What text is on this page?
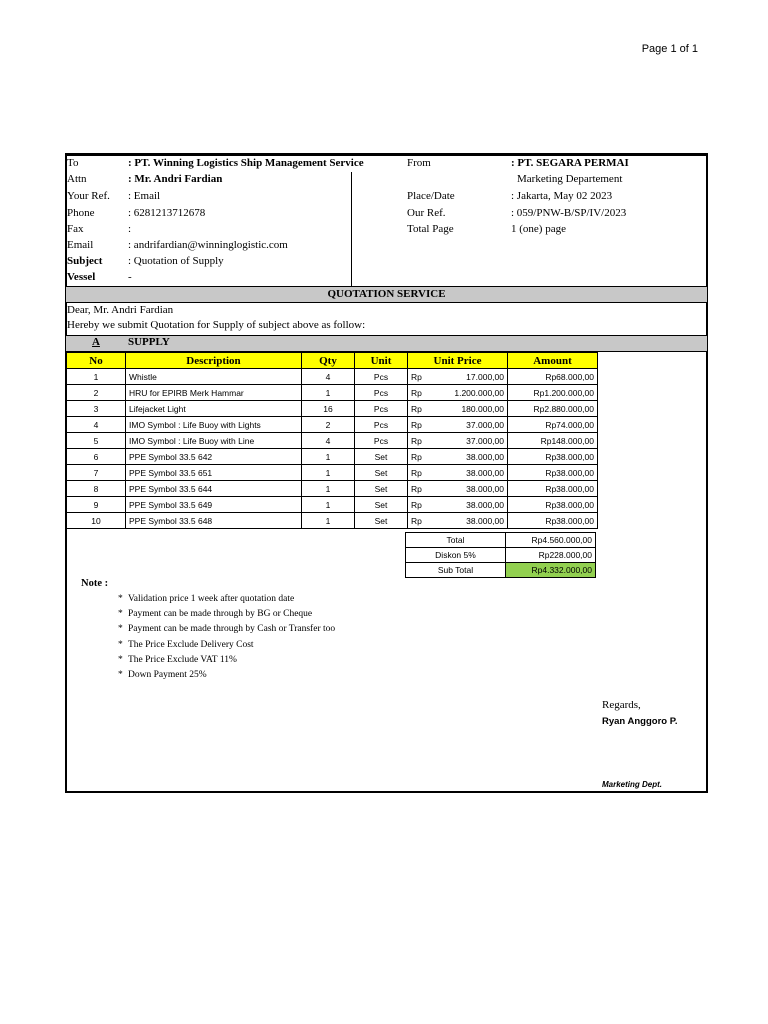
Page 1 of 1
To	: PT. Winning Logistics Ship Management Service
Attn	: Mr. Andri Fardian
Your Ref. : Email
Phone	: 6281213712678
Fax	:
Email	: andrifardian@winninglogistic.com
Subject : Quotation of Supply
Vessel	-
From	: PT. SEGARA PERMAI
Marketing Departement
Place/Date	: Jakarta, May 02 2023
Our Ref.	: 059/PNW-B/SP/IV/2023
Total Page	1 (one) page
QUOTATION SERVICE
Dear, Mr. Andri Fardian
Hereby we submit Quotation for Supply of subject above as follow:
A	SUPPLY
No	Description	Qty	Unit	Unit Price	Amount
1	Whistle	4	Pcs	Rp 17.000,00	Rp68.000,00
2	HRU for EPIRB Merk Hammar	1	Pcs	Rp 1.200.000,00	Rp1.200.000,00
3	Lifejacket Light	16	Pcs	Rp 180.000,00	Rp2.880.000,00
4	IMO Symbol : Life Buoy with Lights	2	Pcs	Rp 37.000,00	Rp74.000,00
5	IMO Symbol : Life Buoy with Line	4	Pcs	Rp 37.000,00	Rp148.000,00
6	PPE Symbol 33.5 642	1	Set	Rp 38.000,00	Rp38.000,00
7	PPE Symbol 33.5 651	1	Set	Rp 38.000,00	Rp38.000,00
8	PPE Symbol 33.5 644	1	Set	Rp 38.000,00	Rp38.000,00
9	PPE Symbol 33.5 649	1	Set	Rp 38.000,00	Rp38.000,00
10	PPE Symbol 33.5 648	1	Set	Rp 38.000,00	Rp38.000,00
Total	Rp4.560.000,00
Diskon 5%	Rp228.000,00
Sub Total	Rp4.332.000,00
Note :
* Validation price 1 week after quotation date
* Payment can be made through by BG or Cheque
* Payment can be made through by Cash or Transfer too
* The Price Exclude Delivery Cost
* The Price Exclude VAT 11%
* Down Payment 25%
Regards,
Ryan Anggoro P.
Marketing Dept.
